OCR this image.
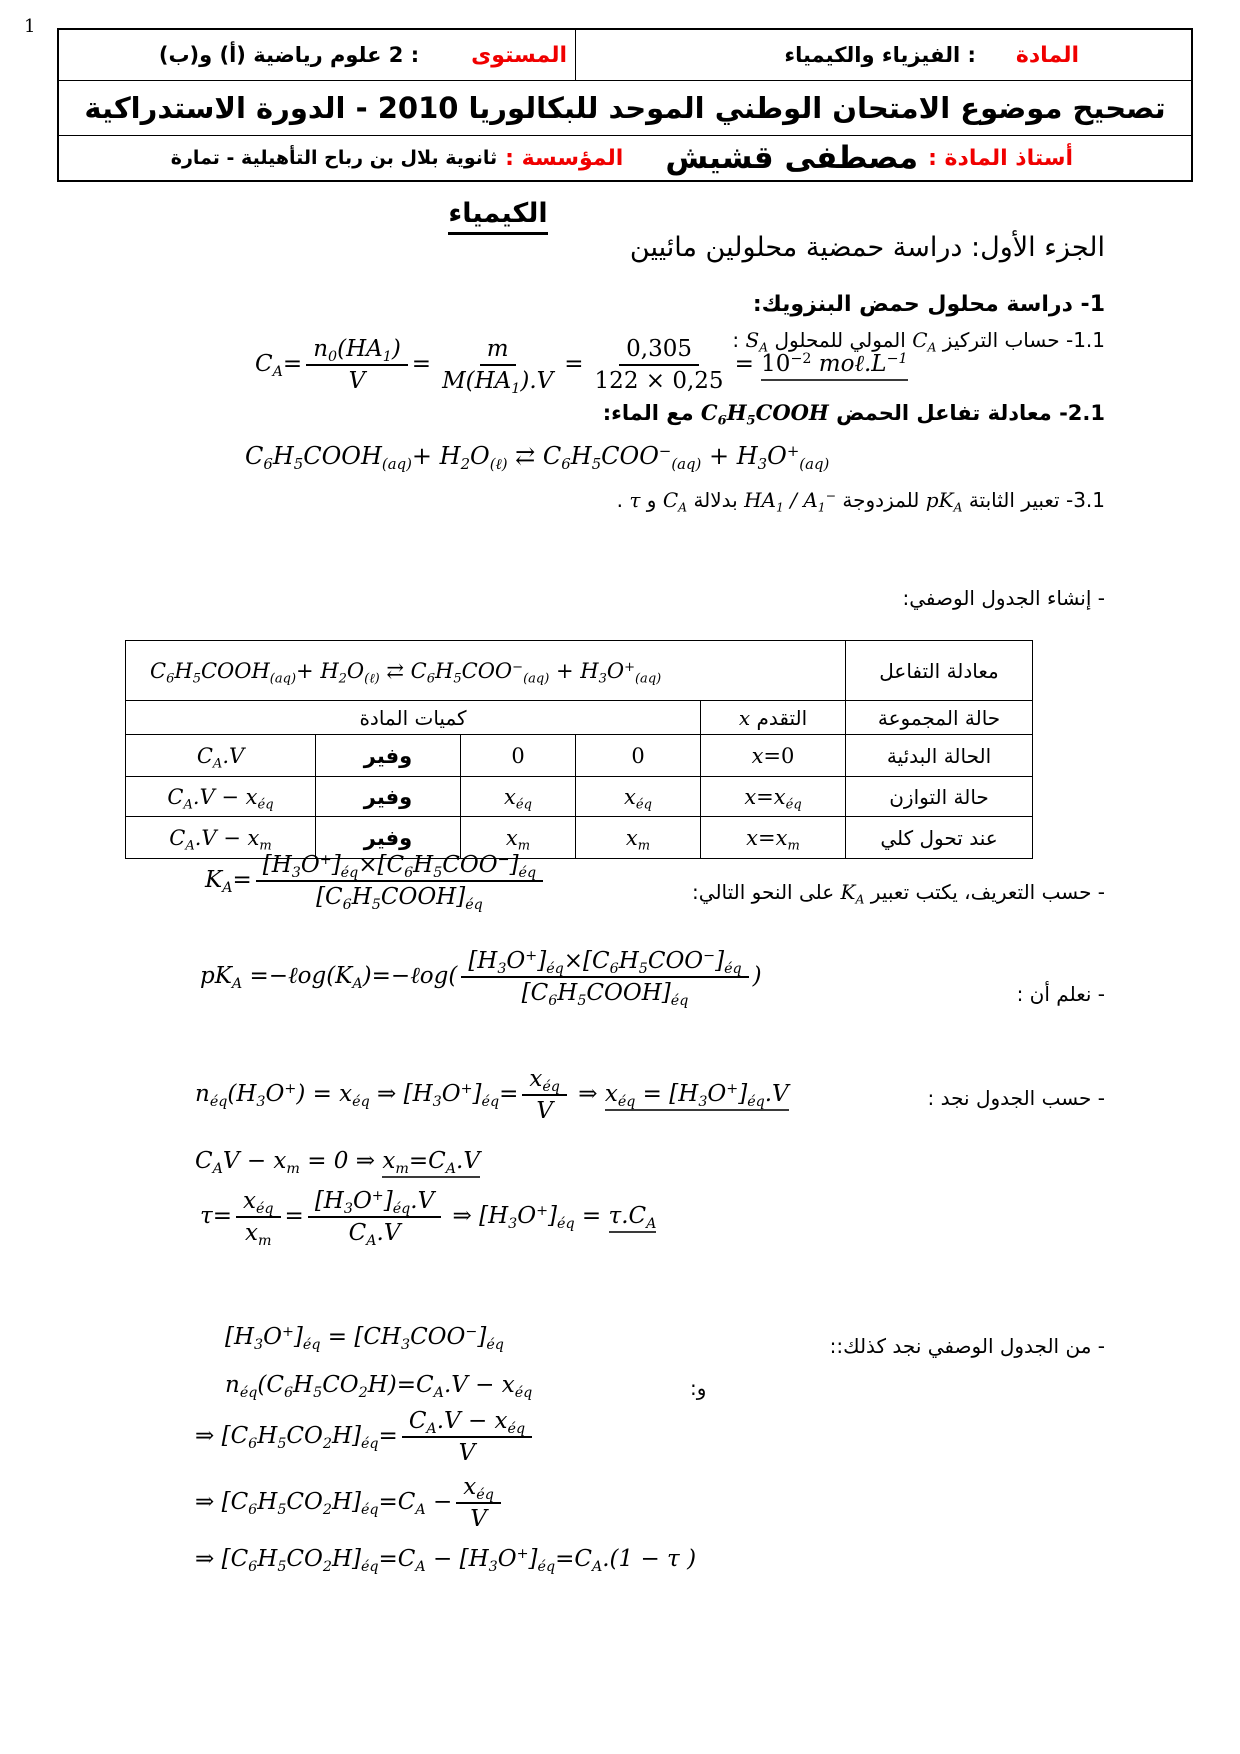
1
المادة
: الفيزياء والكيمياء
المستوى
: 2 علوم رياضية (أ) و(ب)
تصحيح موضوع الامتحان الوطني الموحد للبكالوريا 2010 - الدورة الاستدراكية
أستاذ المادة :
مصطفى قشيش
المؤسسة :
ثانوية بلال بن رباح التأهيلية - تمارة
الكيمياء
الجزء الأول: دراسة حمضية محلولين مائيين
1- دراسة محلول حمض البنزويك:
1.1- حساب التركيز $C_A$ المولي للمحلول $S_A$ :
$C_A= \frac{n_0(HA_1)}{V} = \frac{m}{M(HA_1).V} = \frac{0,305}{122 \times 0,25} = 10^{-2}$ $mo\ell.L^{-1}$
2.1- معادلة تفاعل الحمض $C_6H_5COOH$ مع الماء:
$C_6H_5COOH_{(aq)}+ H_2O_{(\ell)}$ ⇄ $C_6H_5COO^-_{(aq)} + H_3O^+_{(aq)}$
3.1- تعبير الثابتة $pK_A$ للمزدوجة $HA_1 / A_1^-$ بدلالة $C_A$ و τ .
- إنشاء الجدول الوصفي:
$C_6H_5COOH_{(aq)}+ H_2O_{(\ell)}$ ⇄ $C_6H_5COO^-_{(aq)} + H_3O^+_{(aq)}$					معادلة التفاعل
كميات المادة				التقدم x	حالة المجموعة
$C_A.V$	وفير	0	0	x=0	الحالة البدئية
$C_A.V - x_{éq}$	وفير	$x_{éq}$	$x_{éq}$	$x=x_{éq}$	حالة التوازن
$C_A.V - x_m$	وفير	$x_m$	$x_m$	$x=x_m$	عند تحول كلي
- حسب التعريف، يكتب تعبير $K_A$ على النحو التالي:
$K_A= \frac{[H_3O^+]_{éq}\times[C_6H_5COO^-]_{éq}}{[C_6H_5COOH]_{éq}}$
- نعلم أن :
$pK_A$ $=-\ell og(K_A)=-\ell og( \frac{[H_3O^+]_{éq}\times[C_6H_5COO^-]_{éq}}{[C_6H_5COOH]_{éq}}$ )
- حسب الجدول نجد :
$n_{éq}(H_3O^+) = x_{éq}$ ⇒ $[H_3O^+]_{éq}= \frac{x_{éq}}{V}$ ⇒ $x_{éq} = [H_3O^+]_{éq}.V$
$C_AV - x_m = 0$ ⇒ $x_m=C_A.V$
$\tau= \frac{x_{éq}}{x_m} = \frac{[H_3O^+]_{éq}.V}{C_A.V}$ ⇒ $[H_3O^+]_{éq} = \tau.C_A$
- من الجدول الوصفي نجد كذلك::
$[H_3O^+]_{éq} = [CH_3COO^-]_{éq}$
$n_{éq}(C_6H_5CO_2H)=C_A.V - x_{éq}$	و:
⇒ $[C_6H_5CO_2H]_{éq}= \frac{C_A.V - x_{éq}}{V}$
⇒ $[C_6H_5CO_2H]_{éq}=C_A - \frac{x_{éq}}{V}$
⇒ $[C_6H_5CO_2H]_{éq}=C_A - [H_3O^+]_{éq}=C_A.(1 - \tau$ )
